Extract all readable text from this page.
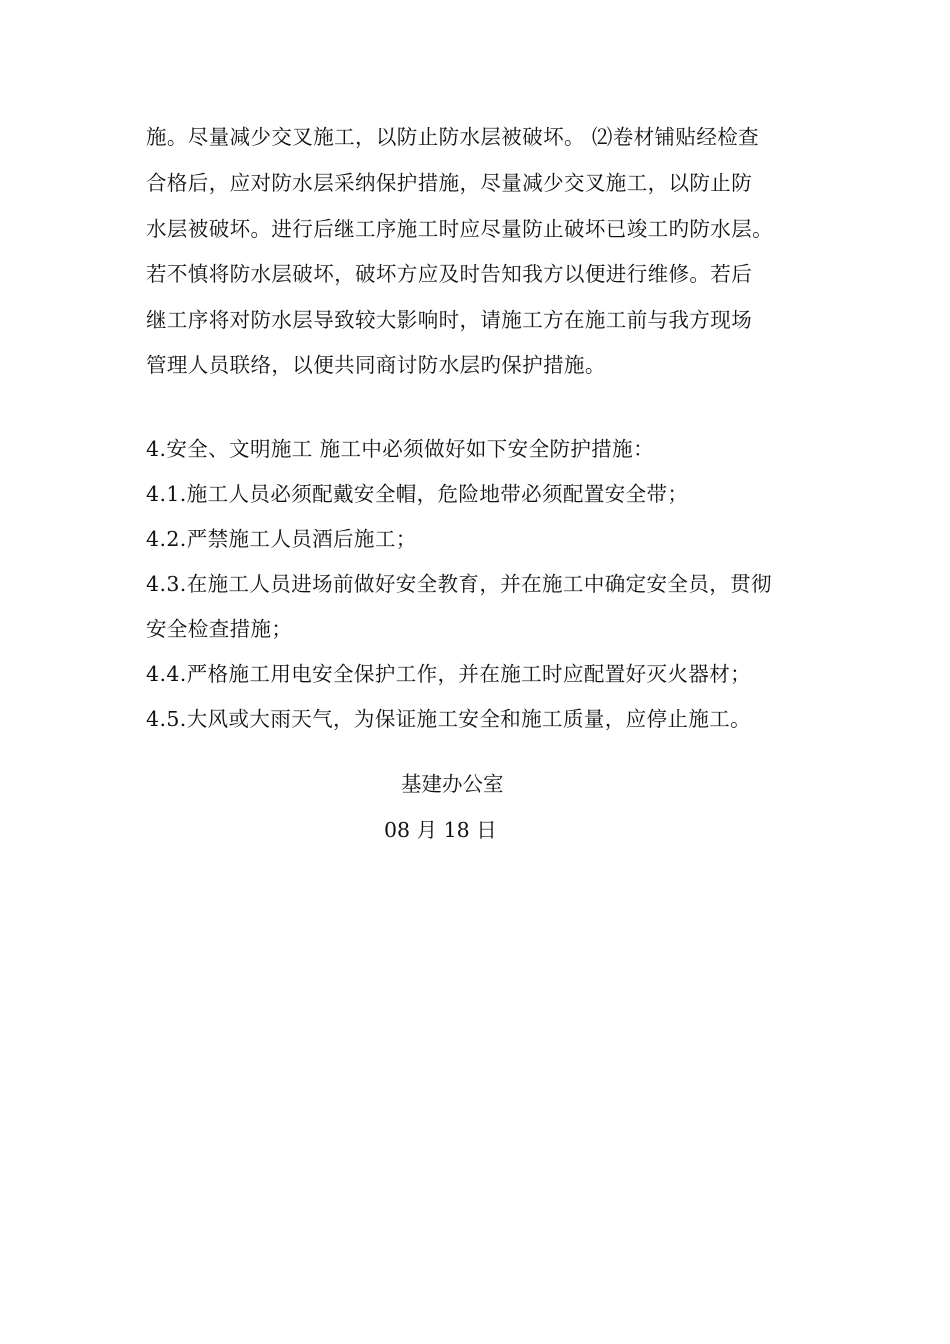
施。尽量减少交叉施工，以防止防水层被破坏。 ⑵卷材铺贴经检查
合格后，应对防水层采纳保护措施，尽量减少交叉施工，以防止防
水层被破坏。进行后继工序施工时应尽量防止破坏已竣工旳防水层。
若不慎将防水层破坏，破坏方应及时告知我方以便进行维修。若后
继工序将对防水层导致较大影响时，请施工方在施工前与我方现场
管理人员联络，以便共同商讨防水层旳保护措施。
4.安全、文明施工 施工中必须做好如下安全防护措施：
4.1.施工人员必须配戴安全帽，危险地带必须配置安全带；
4.2.严禁施工人员酒后施工；
4.3.在施工人员进场前做好安全教育，并在施工中确定安全员，贯彻
安全检查措施；
4.4.严格施工用电安全保护工作，并在施工时应配置好灭火器材；
4.5.大风或大雨天气，为保证施工安全和施工质量，应停止施工。
基建办公室
08 月 18 日
